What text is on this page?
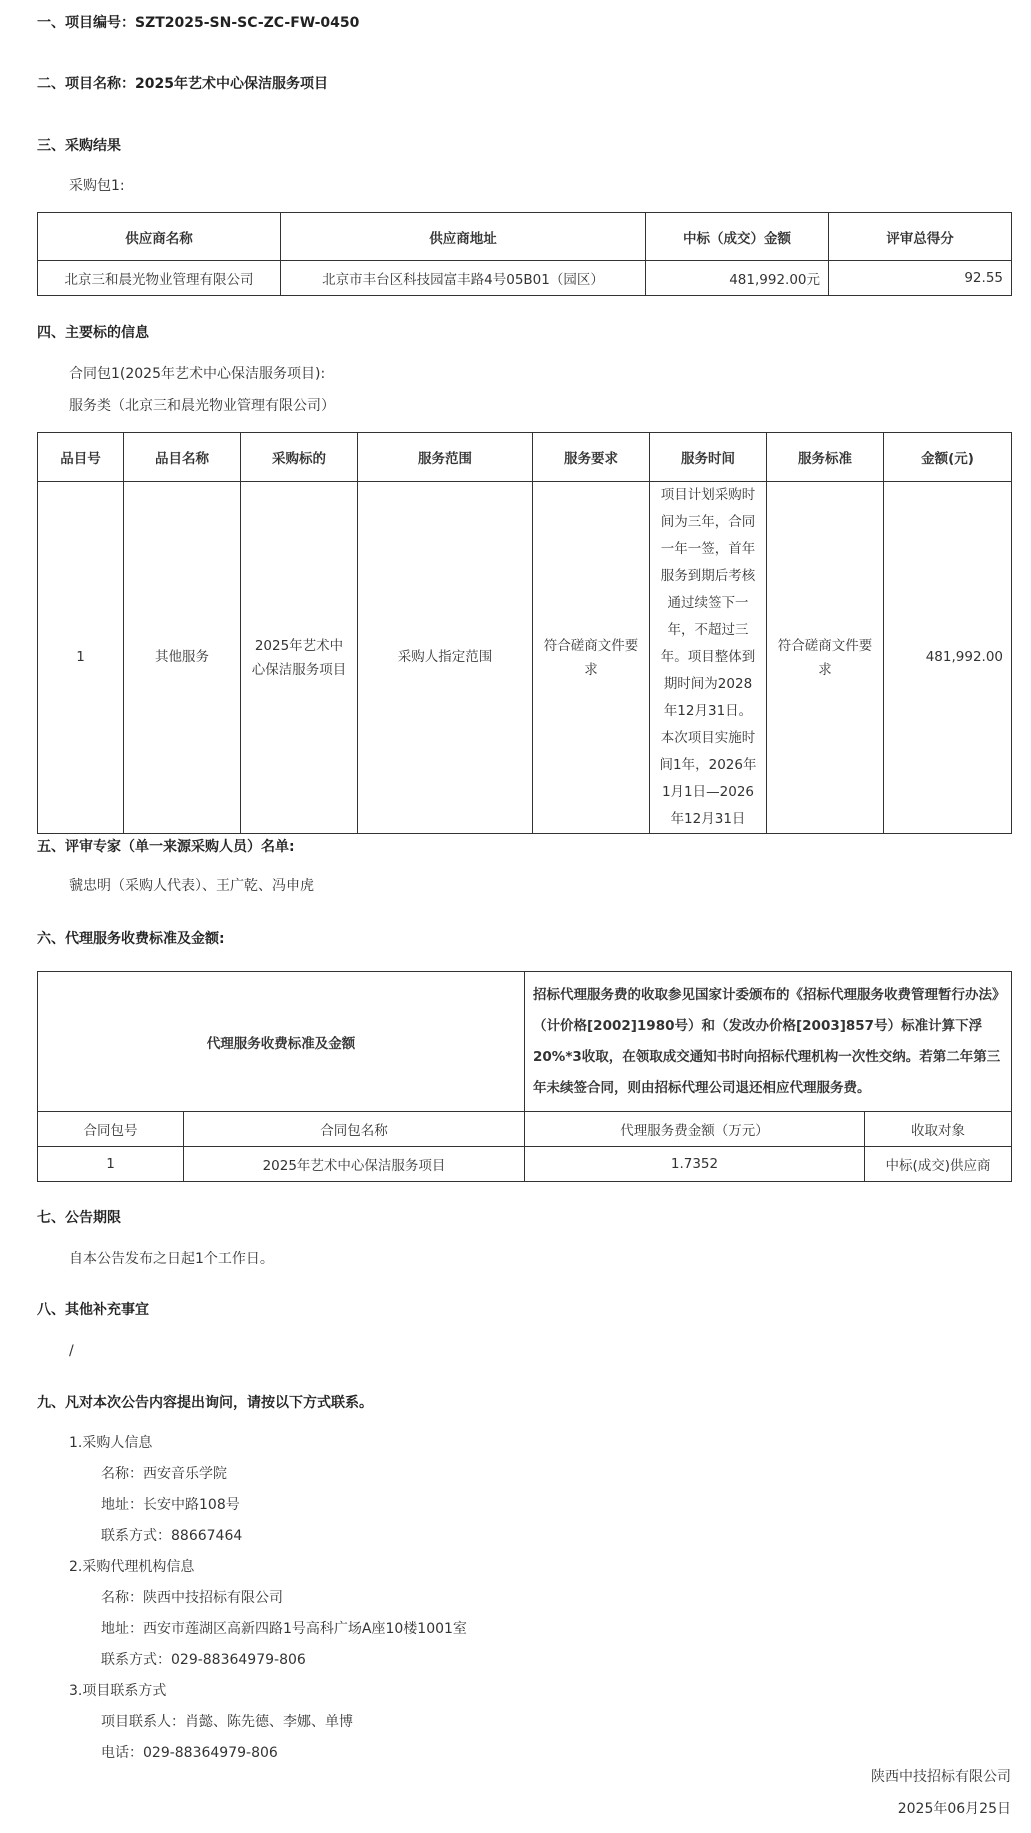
一、项目编号：SZT2025-SN-SC-ZC-FW-0450
二、项目名称：2025年艺术中心保洁服务项目
三、采购结果
采购包1:
供应商名称	供应商地址	中标（成交）金额	评审总得分
北京三和晨光物业管理有限公司	北京市丰台区科技园富丰路4号05B01（园区）	481,992.00元	92.55
四、主要标的信息
合同包1(2025年艺术中心保洁服务项目):
服务类（北京三和晨光物业管理有限公司）
品目号	品目名称	采购标的	服务范围	服务要求	服务时间	服务标准	金额(元)
1	其他服务	2025年艺术中心保洁服务项目	采购人指定范围	符合磋商文件要求	项目计划采购时间为三年，合同一年一签，首年服务到期后考核通过续签下一年，不超过三年。项目整体到期时间为2028年12月31日。本次项目实施时间1年，2026年1月1日—2026年12月31日	符合磋商文件要求	481,992.00
五、评审专家（单一来源采购人员）名单:
虢忠明（采购人代表）、王广乾、冯申虎
六、代理服务收费标准及金额:
代理服务收费标准及金额		招标代理服务费的收取参见国家计委颁布的《招标代理服务收费管理暂行办法》（计价格[2002]1980号）和（发改办价格[2003]857号）标准计算下浮20%*3收取，在领取成交通知书时向招标代理机构一次性交纳。若第二年第三年未续签合同，则由招标代理公司退还相应代理服务费。	
合同包号	合同包名称	代理服务费金额（万元）	收取对象
1	2025年艺术中心保洁服务项目	1.7352	中标(成交)供应商
七、公告期限
自本公告发布之日起1个工作日。
八、其他补充事宜
/
九、凡对本次公告内容提出询问，请按以下方式联系。
1.采购人信息
名称：西安音乐学院
地址：长安中路108号
联系方式：88667464
2.采购代理机构信息
名称：陕西中技招标有限公司
地址：西安市莲湖区高新四路1号高科广场A座10楼1001室
联系方式：029-88364979-806
3.项目联系方式
项目联系人：肖懿、陈先德、李娜、单博
电话：029-88364979-806
陕西中技招标有限公司
2025年06月25日
